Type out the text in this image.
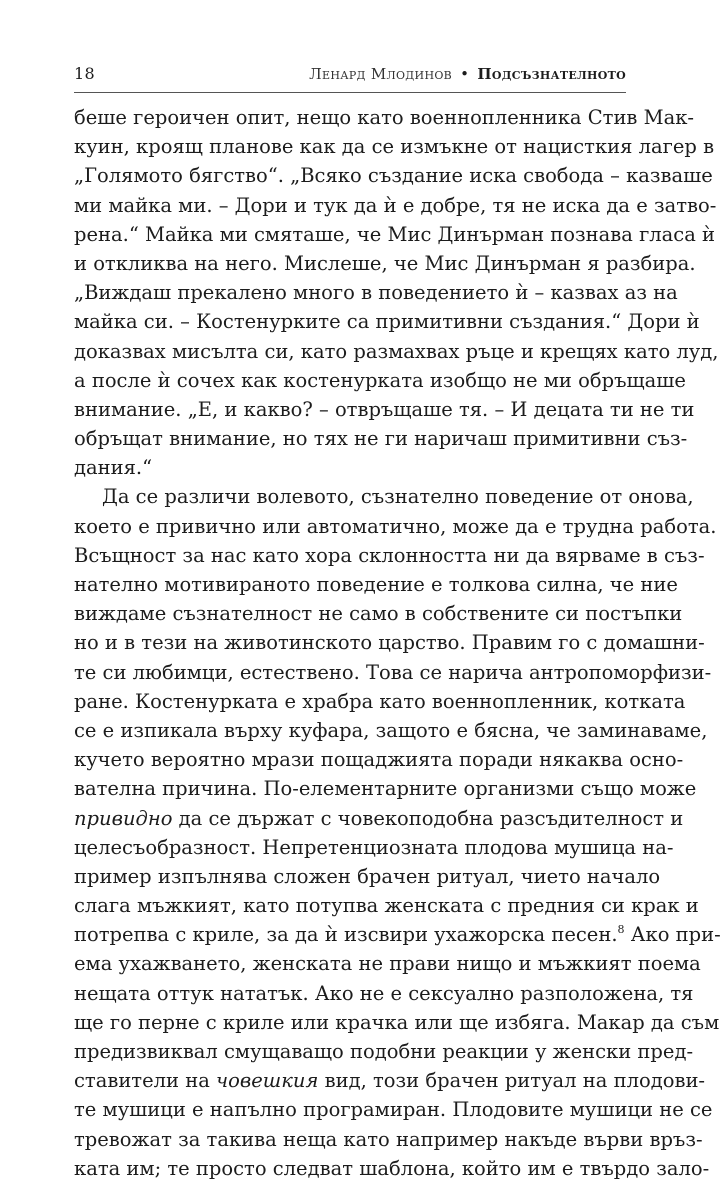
18	Ленард Млодинов • Подсъзнателното
беше героичен опит, нещо като военнопленника Стив Мак-
куин, кроящ планове как да се измъкне от нацисткия лагер в
„Голямото бягство“. „Всяко създание иска свобода – казваше
ми майка ми. – Дори и тук да ѝ е добре, тя не иска да е затво-
рена.“ Майка ми смяташе, че Мис Динърман познава гласа ѝ
и откликва на него. Мислеше, че Мис Динърман я разбира.
„Виждаш прекалено много в поведението ѝ – казвах аз на
майка си. – Костенурките са примитивни създания.“ Дори ѝ
доказвах мисълта си, като размахвах ръце и крещях като луд,
а после ѝ сочех как костенурката изобщо не ми обръщаше
внимание. „Е, и какво? – отвръщаше тя. – И децата ти не ти
обръщат внимание, но тях не ги наричаш примитивни съз-
дания.“
Да се различи волевото, съзнателно поведение от онова,
което е привично или автоматично, може да е трудна работа.
Всъщност за нас като хора склонността ни да вярваме в съз-
нателно мотивираното поведение е толкова силна, че ние
виждаме съзнателност не само в собствените си постъпки
но и в тези на животинското царство. Правим го с домашни-
те си любимци, естествено. Това се нарича антропоморфизи-
ране. Костенурката е храбра като военнопленник, котката
се е изпикала върху куфара, защото е бясна, че заминаваме,
кучето вероятно мрази пощаджията поради някаква осно-
вателна причина. По-елементарните организми също може
привидно да се държат с човекоподобна разсъдителност и
целесъобразност. Непретенциозната плодова мушица на-
пример изпълнява сложен брачен ритуал, чието начало
слага мъжкият, като потупва женската с предния си крак и
потрепва с криле, за да ѝ изсвири ухажорска песен.$^8$ Ако при-
ема ухажването, женската не прави нищо и мъжкият поема
нещата оттук нататък. Ако не е сексуално разположена, тя
ще го перне с криле или крачка или ще избяга. Макар да съм
предизвиквал смущаващо подобни реакции у женски пред-
ставители на човешкия вид, този брачен ритуал на плодови-
те мушици е напълно програмиран. Плодовите мушици не се
тревожат за такива неща като например накъде върви връз-
ката им; те просто следват шаблона, който им е твърдо зало-
